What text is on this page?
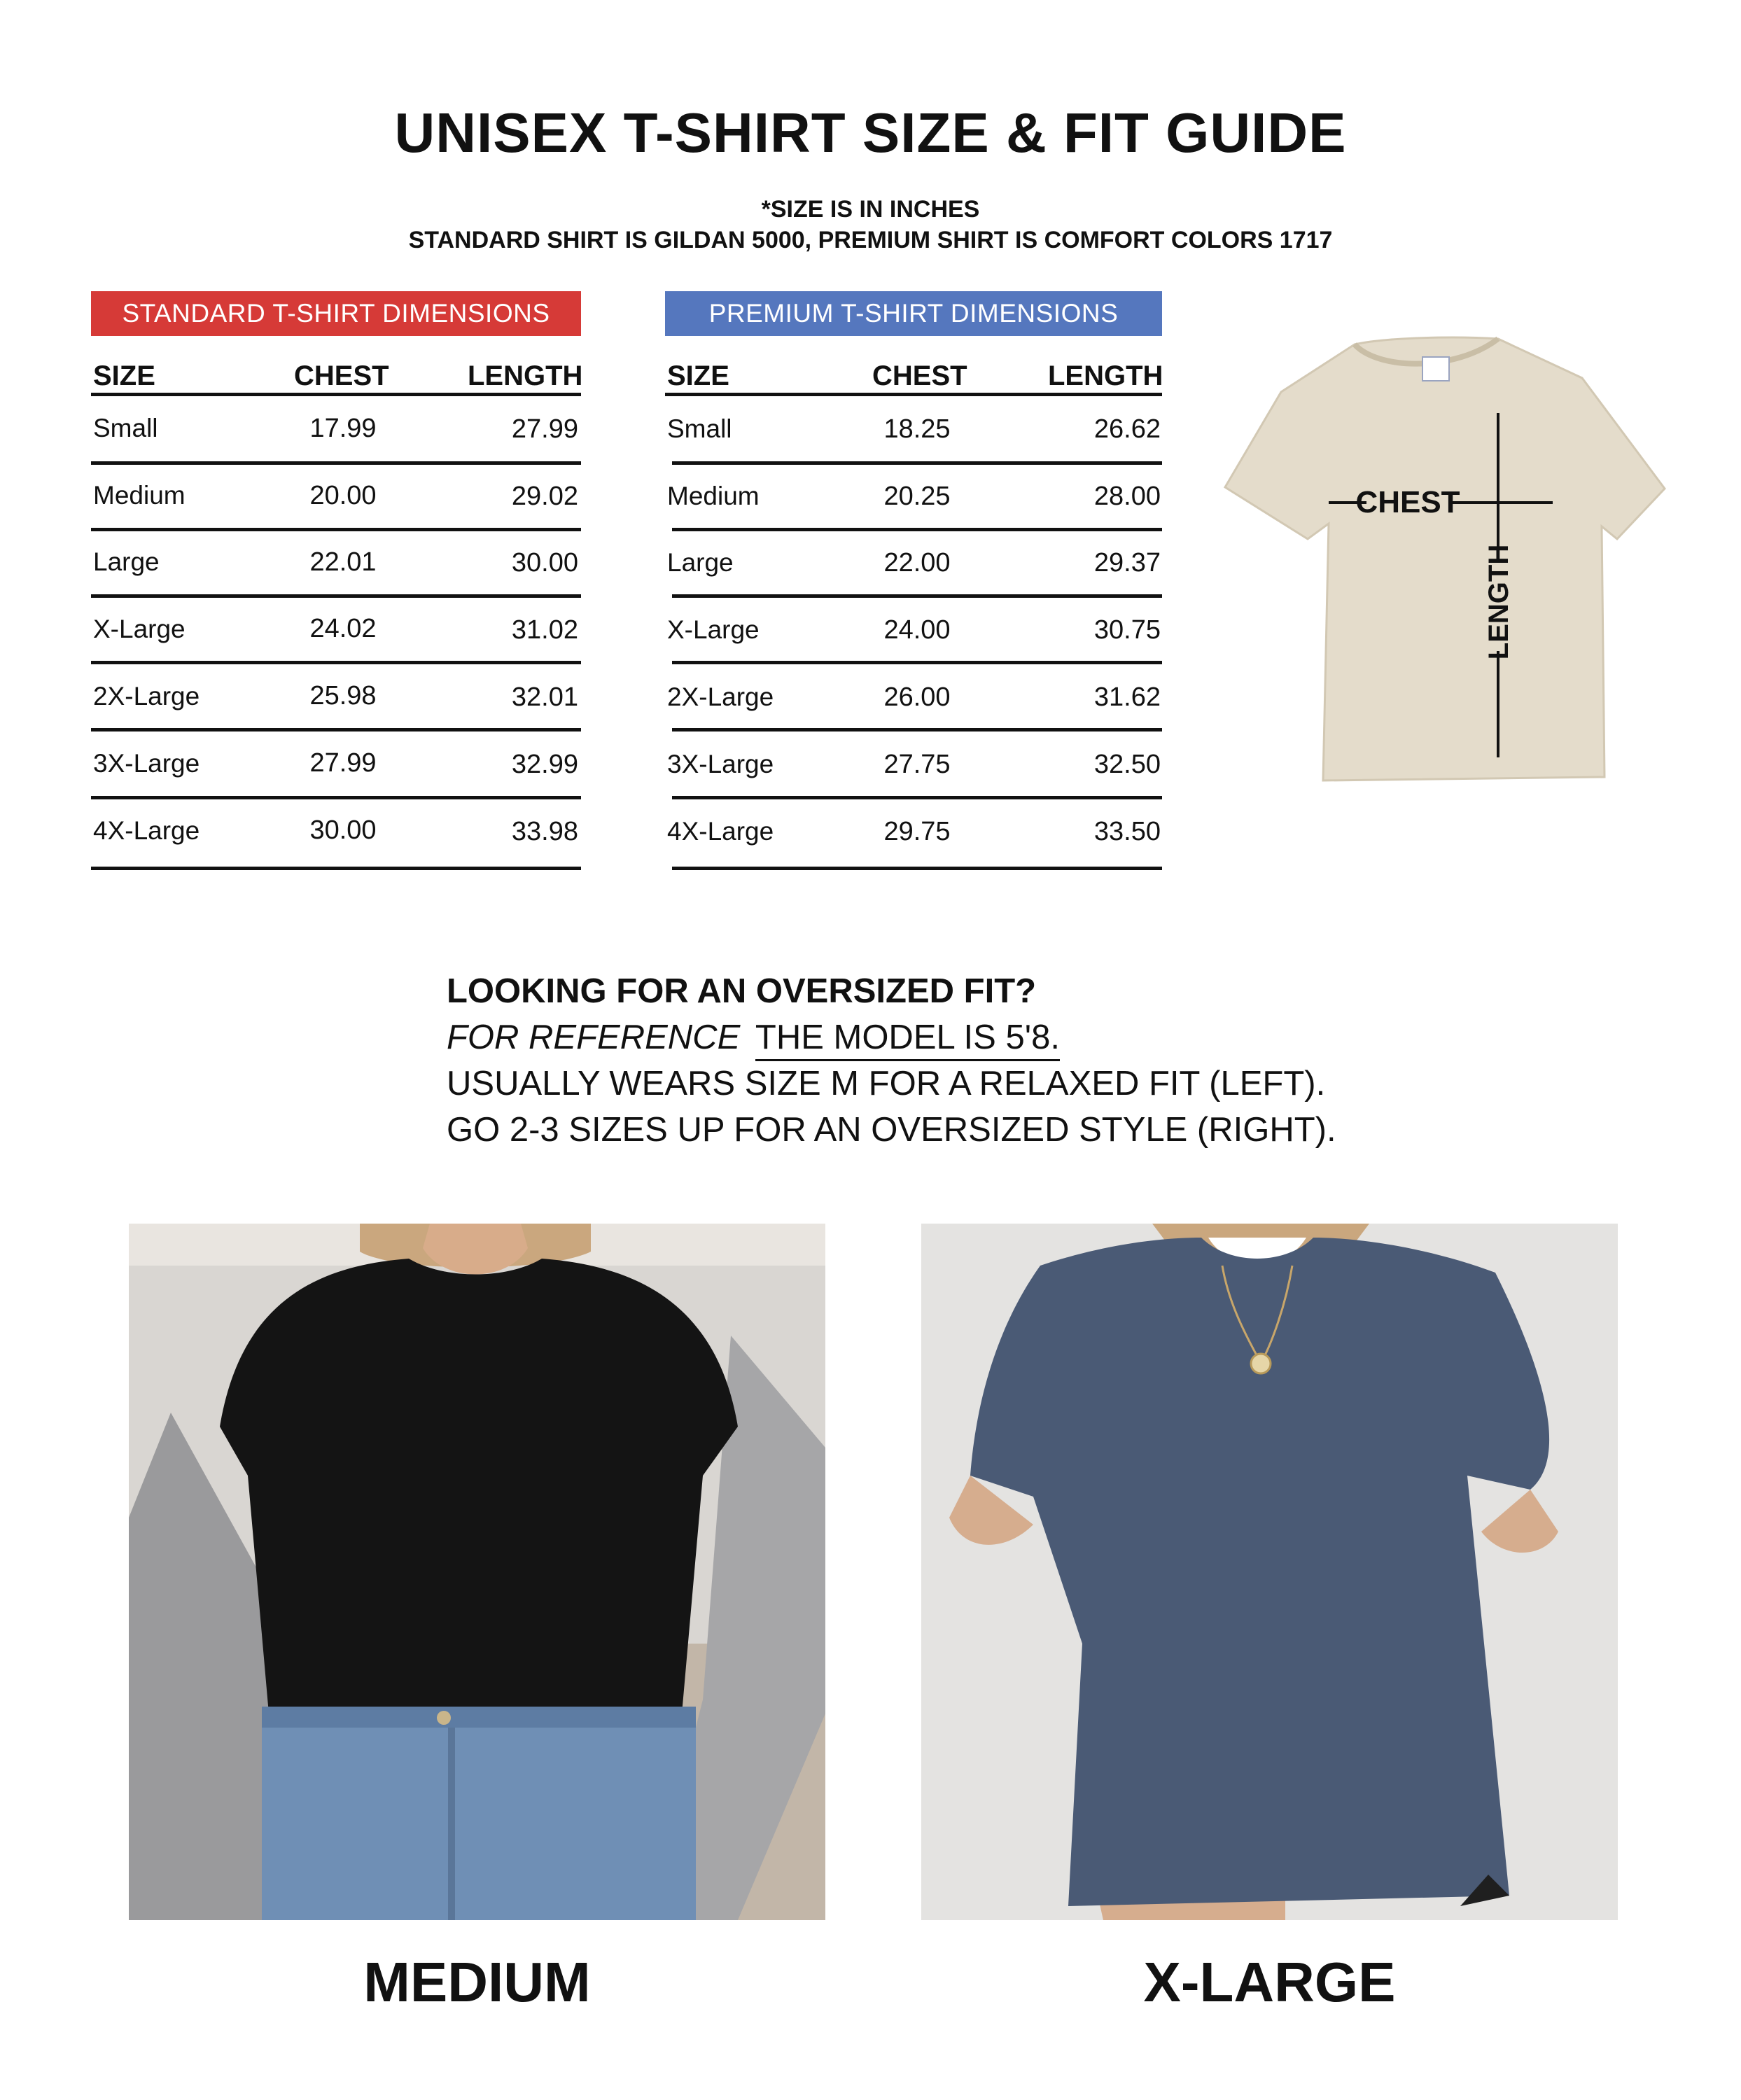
UNISEX T-SHIRT SIZE & FIT GUIDE
*SIZE IS IN INCHES
STANDARD SHIRT IS GILDAN 5000, PREMIUM SHIRT IS COMFORT COLORS 1717
STANDARD T-SHIRT DIMENSIONS
SIZE	CHEST	LENGTH
Small	17.99	27.99
Medium	20.00	29.02
Large	22.01	30.00
X-Large	24.02	31.02
2X-Large	25.98	32.01
3X-Large	27.99	32.99
4X-Large	30.00	33.98
PREMIUM T-SHIRT DIMENSIONS
SIZE	CHEST	LENGTH
Small	18.25	26.62
Medium	20.25	28.00
Large	22.00	29.37
X-Large	24.00	30.75
2X-Large	26.00	31.62
3X-Large	27.75	32.50
4X-Large	29.75	33.50
CHEST
LENGTH
LOOKING FOR AN OVERSIZED FIT?
FOR REFERENCE THE MODEL IS 5'8.
USUALLY WEARS SIZE M FOR A RELAXED FIT (LEFT).
GO 2-3 SIZES UP FOR AN OVERSIZED STYLE (RIGHT).
MEDIUM	X-LARGE
